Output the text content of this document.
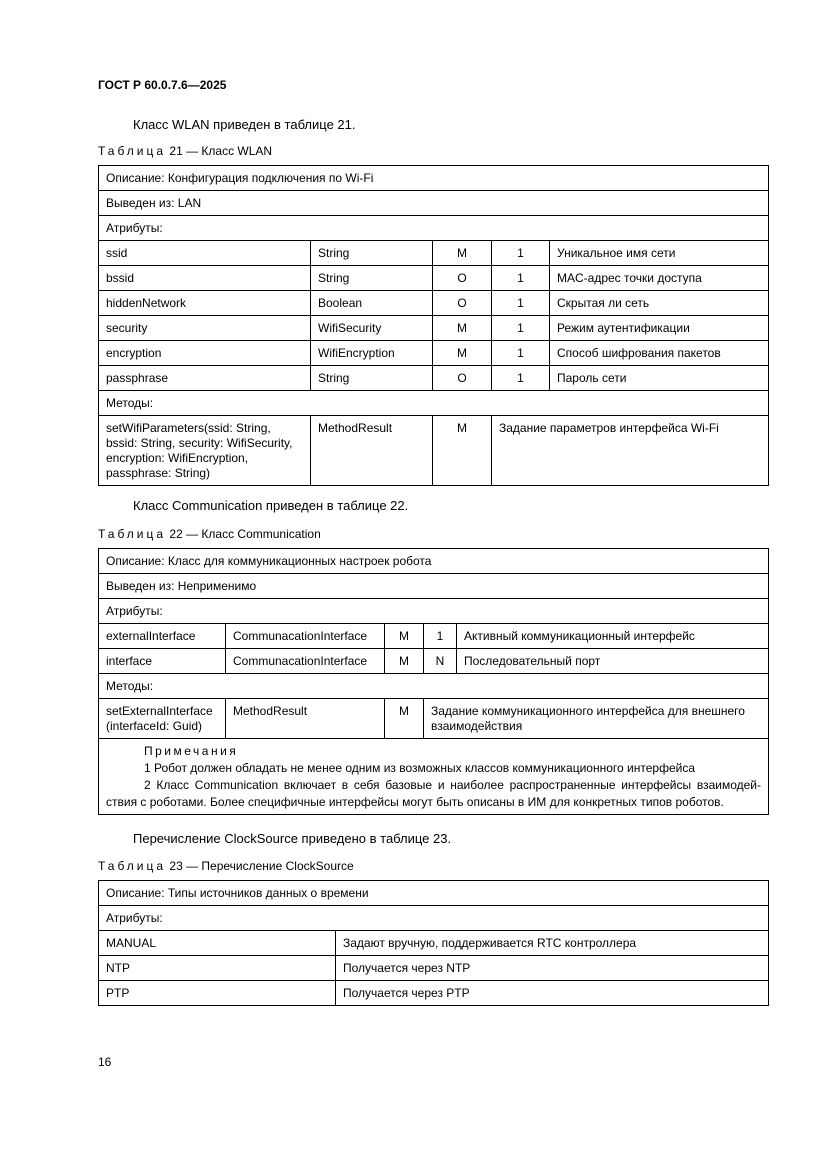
ГОСТ Р 60.0.7.6—2025
Класс WLAN приведен в таблице 21.
Таблица 21 — Класс WLAN
Описание: Конфигурация подключения по Wi-Fi				
Выведен из: LAN				
Атрибуты:				
ssid	String	M	1	Уникальное имя сети
bssid	String	O	1	MAC-адрес точки доступа
hiddenNetwork	Boolean	O	1	Скрытая ли сеть
security	WifiSecurity	M	1	Режим аутентификации
encryption	WifiEncryption	M	1	Способ шифрования пакетов
passphrase	String	O	1	Пароль сети
Методы:				
setWifiParameters(ssid: String, bssid: String, security: WifiSecurity, encryption: WifiEncryption, passphrase: String)	MethodResult	M	Задание параметров интерфейса Wi-Fi	
Класс Communication приведен в таблице 22.
Таблица 22 — Класс Communication
Описание: Класс для коммуникационных настроек робота				
Выведен из: Неприменимо				
Атрибуты:				
externalInterface	CommunacationInterface	M	1	Активный коммуникационный интерфейс
interface	CommunacationInterface	M	N	Последовательный порт
Методы:				
setExternalInterface (interfaceId: Guid)	MethodResult	M	Задание коммуникационного интерфейса для внешнего взаимодействия	

Примечания
1 Робот должен обладать не менее одним из возможных классов коммуникационного интерфейса
2 Класс Communication включает в себя базовые и наиболее распространенные интерфейсы взаимодей-ствия с роботами. Более специфичные интерфейсы могут быть описаны в ИМ для конкретных типов роботов.				
Перечисление ClockSource приведено в таблице 23.
Таблица 23 — Перечисление ClockSource
Описание: Типы источников данных о времени	
Атрибуты:	
MANUAL	Задают вручную, поддерживается RTC контроллера
NTP	Получается через NTP
PTP	Получается через PTP
16
